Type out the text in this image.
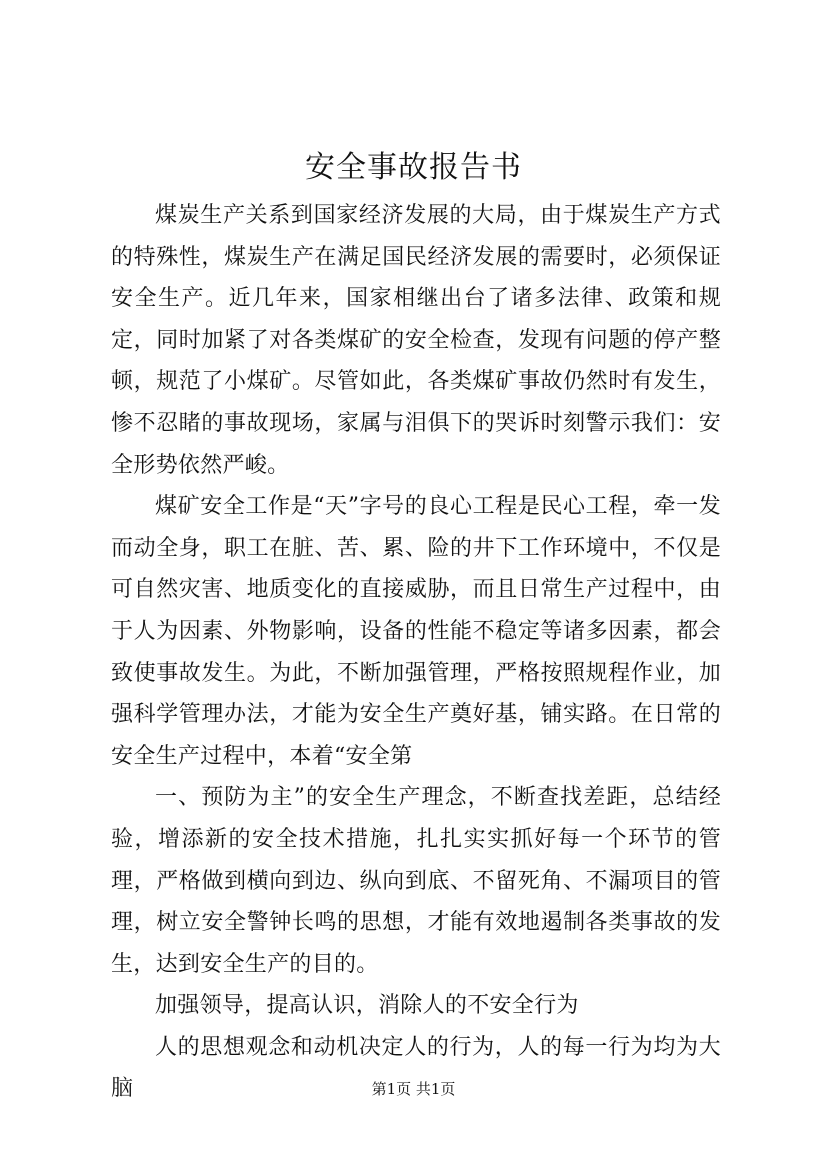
安全事故报告书

煤炭生产关系到国家经济发展的大局，由于煤炭生产方式的特殊性，煤炭生产在满足国民经济发展的需要时，必须保证安全生产。近几年来，国家相继出台了诸多法律、政策和规定，同时加紧了对各类煤矿的安全检查，发现有问题的停产整顿，规范了小煤矿。尽管如此，各类煤矿事故仍然时有发生，惨不忍睹的事故现场，家属与泪俱下的哭诉时刻警示我们：安全形势依然严峻。

煤矿安全工作是“天”字号的良心工程是民心工程，牵一发而动全身，职工在脏、苦、累、险的井下工作环境中，不仅是可自然灾害、地质变化的直接威胁，而且日常生产过程中，由于人为因素、外物影响，设备的性能不稳定等诸多因素，都会致使事故发生。为此，不断加强管理，严格按照规程作业，加强科学管理办法，才能为安全生产奠好基，铺实路。在日常的安全生产过程中，本着“安全第

一、预防为主”的安全生产理念，不断查找差距，总结经验，增添新的安全技术措施，扎扎实实抓好每一个环节的管理，严格做到横向到边、纵向到底、不留死角、不漏项目的管理，树立安全警钟长鸣的思想，才能有效地遏制各类事故的发生，达到安全生产的目的。

加强领导，提高认识，消除人的不安全行为

人的思想观念和动机决定人的行为，人的每一行为均为大脑	第1页 共1页
